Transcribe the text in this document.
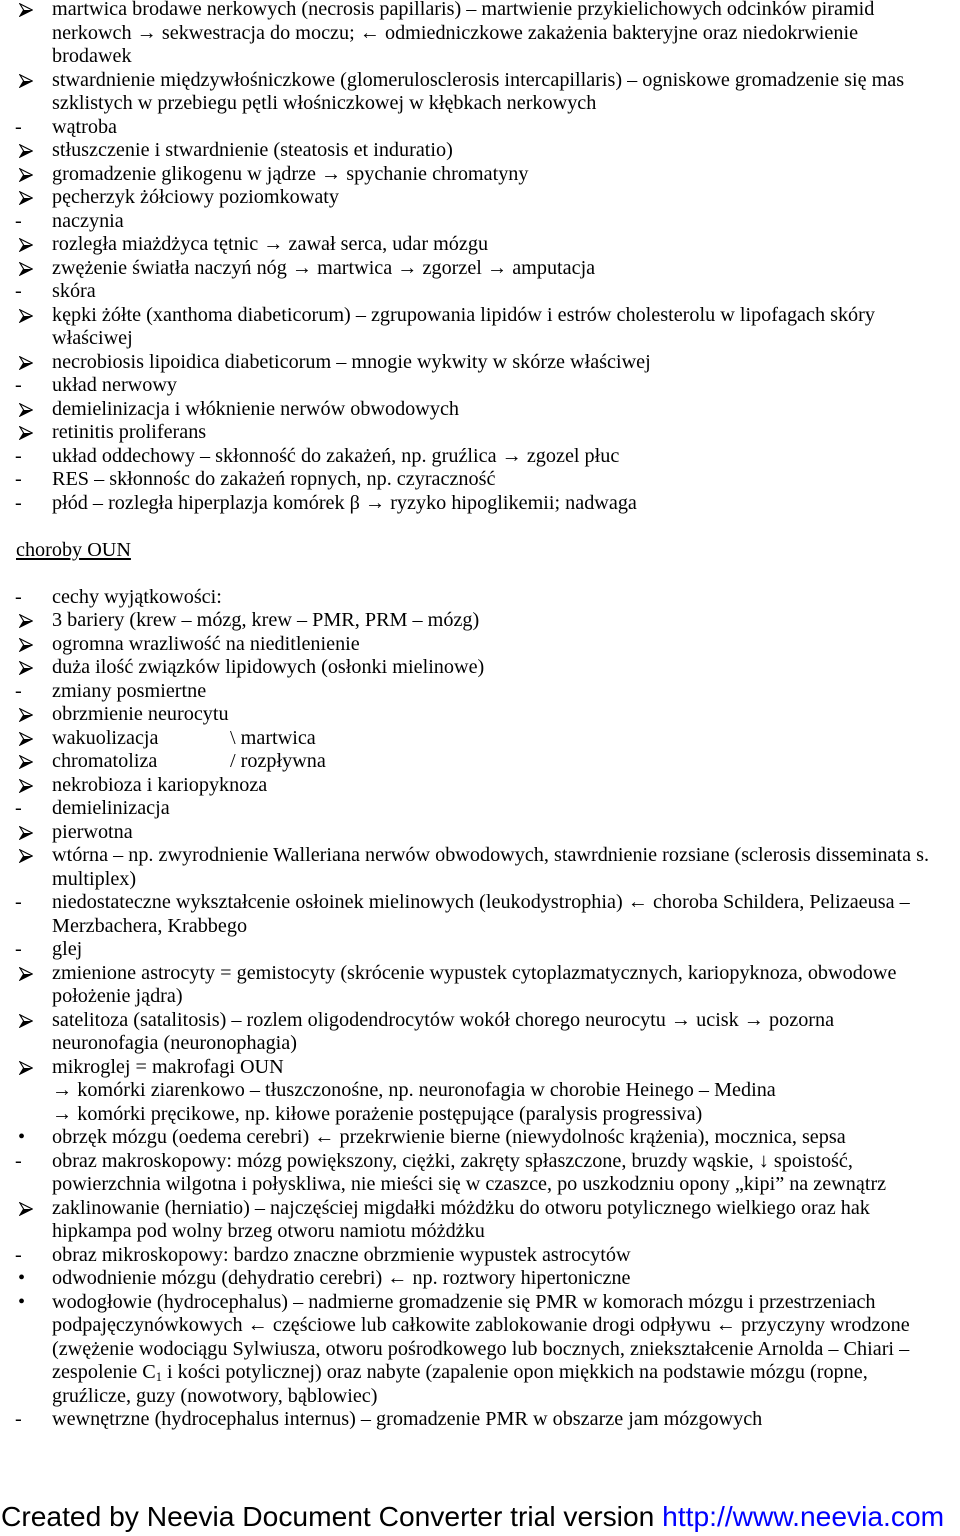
martwica brodawe nerkowych (necrosis papillaris) – martwienie przykielichowych odcinków piramid
nerkowch → sekwestracja do moczu; ← odmiedniczkowe zakażenia bakteryjne oraz niedokrwienie
brodawek
stwardnienie międzywłośniczkowe (glomerulosclerosis intercapillaris) – ogniskowe gromadzenie się mas
szklistych w przebiegu pętli włośniczkowej w kłębkach nerkowych
- wątroba
stłuszczenie i stwardnienie (steatosis et induratio)
gromadzenie glikogenu w jądrze → spychanie chromatyny
pęcherzyk żółciowy poziomkowaty
- naczynia
rozległa miażdżyca tętnic → zawał serca, udar mózgu
zwężenie światła naczyń nóg → martwica → zgorzel → amputacja
- skóra
kępki żółte (xanthoma diabeticorum) – zgrupowania lipidów i estrów cholesterolu w lipofagach skóry
właściwej
necrobiosis lipoidica diabeticorum – mnogie wykwity w skórze właściwej
- układ nerwowy
demielinizacja i włóknienie nerwów obwodowych
retinitis proliferans
- układ oddechowy – skłonność do zakażeń, np. gruźlica → zgozel płuc
- RES – skłonnośc do zakażeń ropnych, np. czyraczność
- płód – rozległa hiperplazja komórek β → ryzyko hipoglikemii; nadwaga
choroby OUN
- cechy wyjątkowości:
3 bariery (krew – mózg, krew – PMR, PRM – mózg)
ogromna wrazliwość na nieditlenienie
duża ilość związków lipidowych (osłonki mielinowe)
- zmiany posmiertne
obrzmienie neurocytu
wakuolizacja	\ martwica
chromatoliza	/ rozpływna
nekrobioza i kariopyknoza
- demielinizacja
pierwotna
wtórna – np. zwyrodnienie Walleriana nerwów obwodowych, stawrdnienie rozsiane (sclerosis disseminata s.
multiplex)
- niedostateczne wykształcenie osłoinek mielinowych (leukodystrophia) ← choroba Schildera, Pelizaeusa –
Merzbachera, Krabbego
- glej
zmienione astrocyty = gemistocyty (skrócenie wypustek cytoplazmatycznych, kariopyknoza, obwodowe
położenie jądra)
satelitoza (satalitosis) – rozlem oligodendrocytów wokół chorego neurocytu → ucisk → pozorna
neuronofagia (neuronophagia)
mikroglej = makrofagi OUN
→ komórki ziarenkowo – tłuszczonośne, np. neuronofagia w chorobie Heinego – Medina
→ komórki pręcikowe, np. kiłowe porażenie postępujące (paralysis progressiva)
• obrzęk mózgu (oedema cerebri) ← przekrwienie bierne (niewydolnośc krążenia), mocznica, sepsa
- obraz makroskopowy: mózg powiększony, ciężki, zakręty spłaszczone, bruzdy wąskie, ↓ spoistość,
powierzchnia wilgotna i połyskliwa, nie mieści się w czaszce, po uszkodzniu opony „kipi” na zewnątrz
zaklinowanie (herniatio) – najczęściej migdałki móżdżku do otworu potylicznego wielkiego oraz hak
hipkampa pod wolny brzeg otworu namiotu móżdżku
- obraz mikroskopowy: bardzo znaczne obrzmienie wypustek astrocytów
• odwodnienie mózgu (dehydratio cerebri) ← np. roztwory hipertoniczne
• wodogłowie (hydrocephalus) – nadmierne gromadzenie się PMR w komorach mózgu i przestrzeniach
podpajęczynówkowych ← częściowe lub całkowite zablokowanie drogi odpływu ← przyczyny wrodzone
(zwężenie wodociągu Sylwiusza, otworu pośrodkowego lub bocznych, zniekształcenie Arnolda – Chiari –
zespolenie $C_1$ i kości potylicznej) oraz nabyte (zapalenie opon miękkich na podstawie mózgu (ropne,
gruźlicze, guzy (nowotwory, bąblowiec)
- wewnętrzne (hydrocephalus internus) – gromadzenie PMR w obszarze jam mózgowych
Created by Neevia Document Converter trial version http://www.neevia.com
